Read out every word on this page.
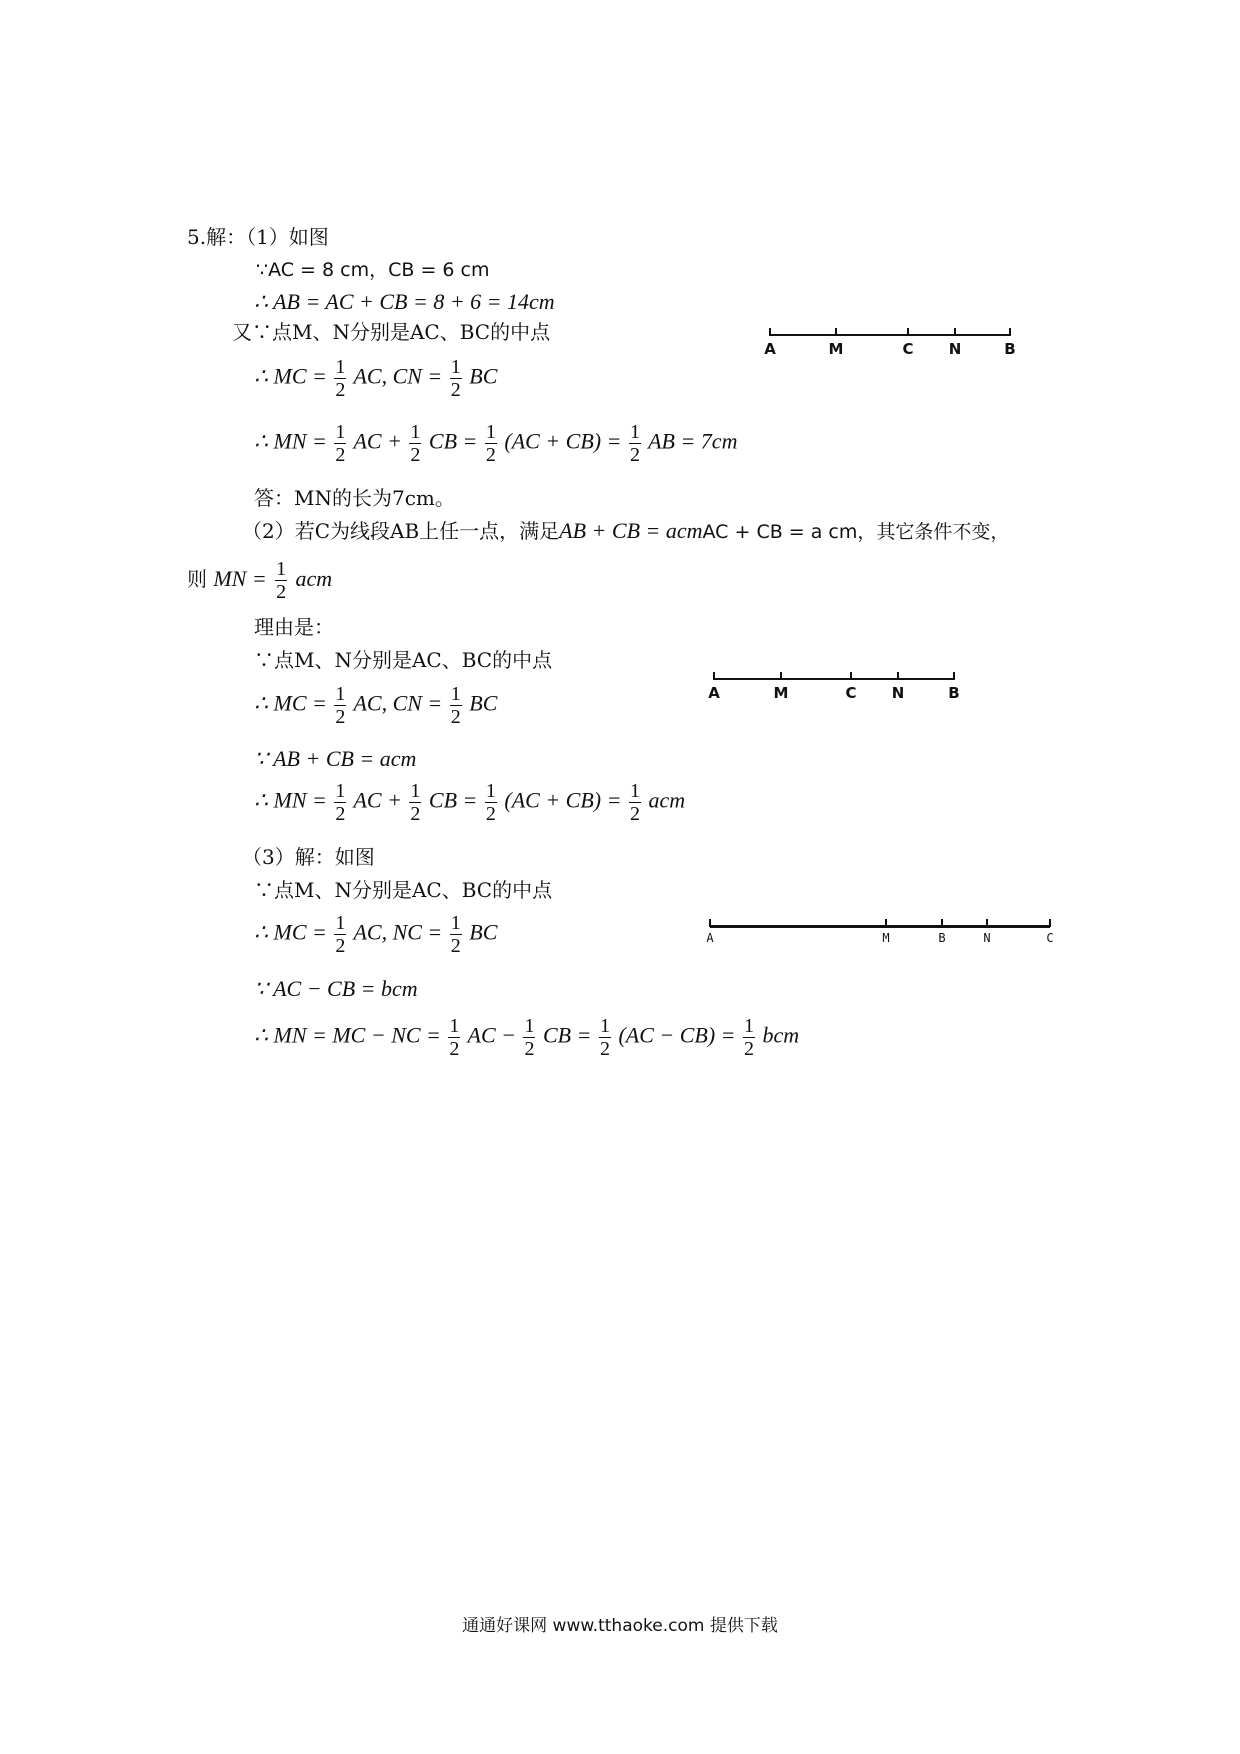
5.解：（1）如图
∵AC = 8 cm，CB = 6 cm
∴ AB = AC + CB = 8 + 6 = 14cm
又∵点M、N分别是AC、BC的中点
∴ MC = $\frac{1}{2}$ AC, CN = $\frac{1}{2}$ BC
∴ MN = $\frac{1}{2}$ AC + $\frac{1}{2}$ CB = $\frac{1}{2} (AC + CB) = \frac{1}{2}$ AB = 7cm
答：MN的长为7cm。
A	M	C N	B
（2）若C为线段AB上任一点，满足AB + CB = acmAC + CB = a cm，其它条件不变，
则 MN = $\frac{1}{2}$ acm
理由是：
∵点M、N分别是AC、BC的中点
∴ MC = $\frac{1}{2}$ AC, CN = $\frac{1}{2}$ BC
∵ AB + CB = acm
∴ MN = $\frac{1}{2}$ AC + $\frac{1}{2}$ CB = $\frac{1}{2} (AC + CB) = \frac{1}{2}$ acm
A	M	C N	B
（3）解：如图
∵点M、N分别是AC、BC的中点
∴ MC = $\frac{1}{2}$ AC, NC = $\frac{1}{2}$ BC
∵ AC − CB = bcm
∴ MN = MC − NC = $\frac{1}{2}$ AC − $\frac{1}{2}$ CB = $\frac{1}{2} (AC - CB) = \frac{1}{2}$ bcm
A	M	B	N	C
通通好课网 www.tthaoke.com 提供下载
